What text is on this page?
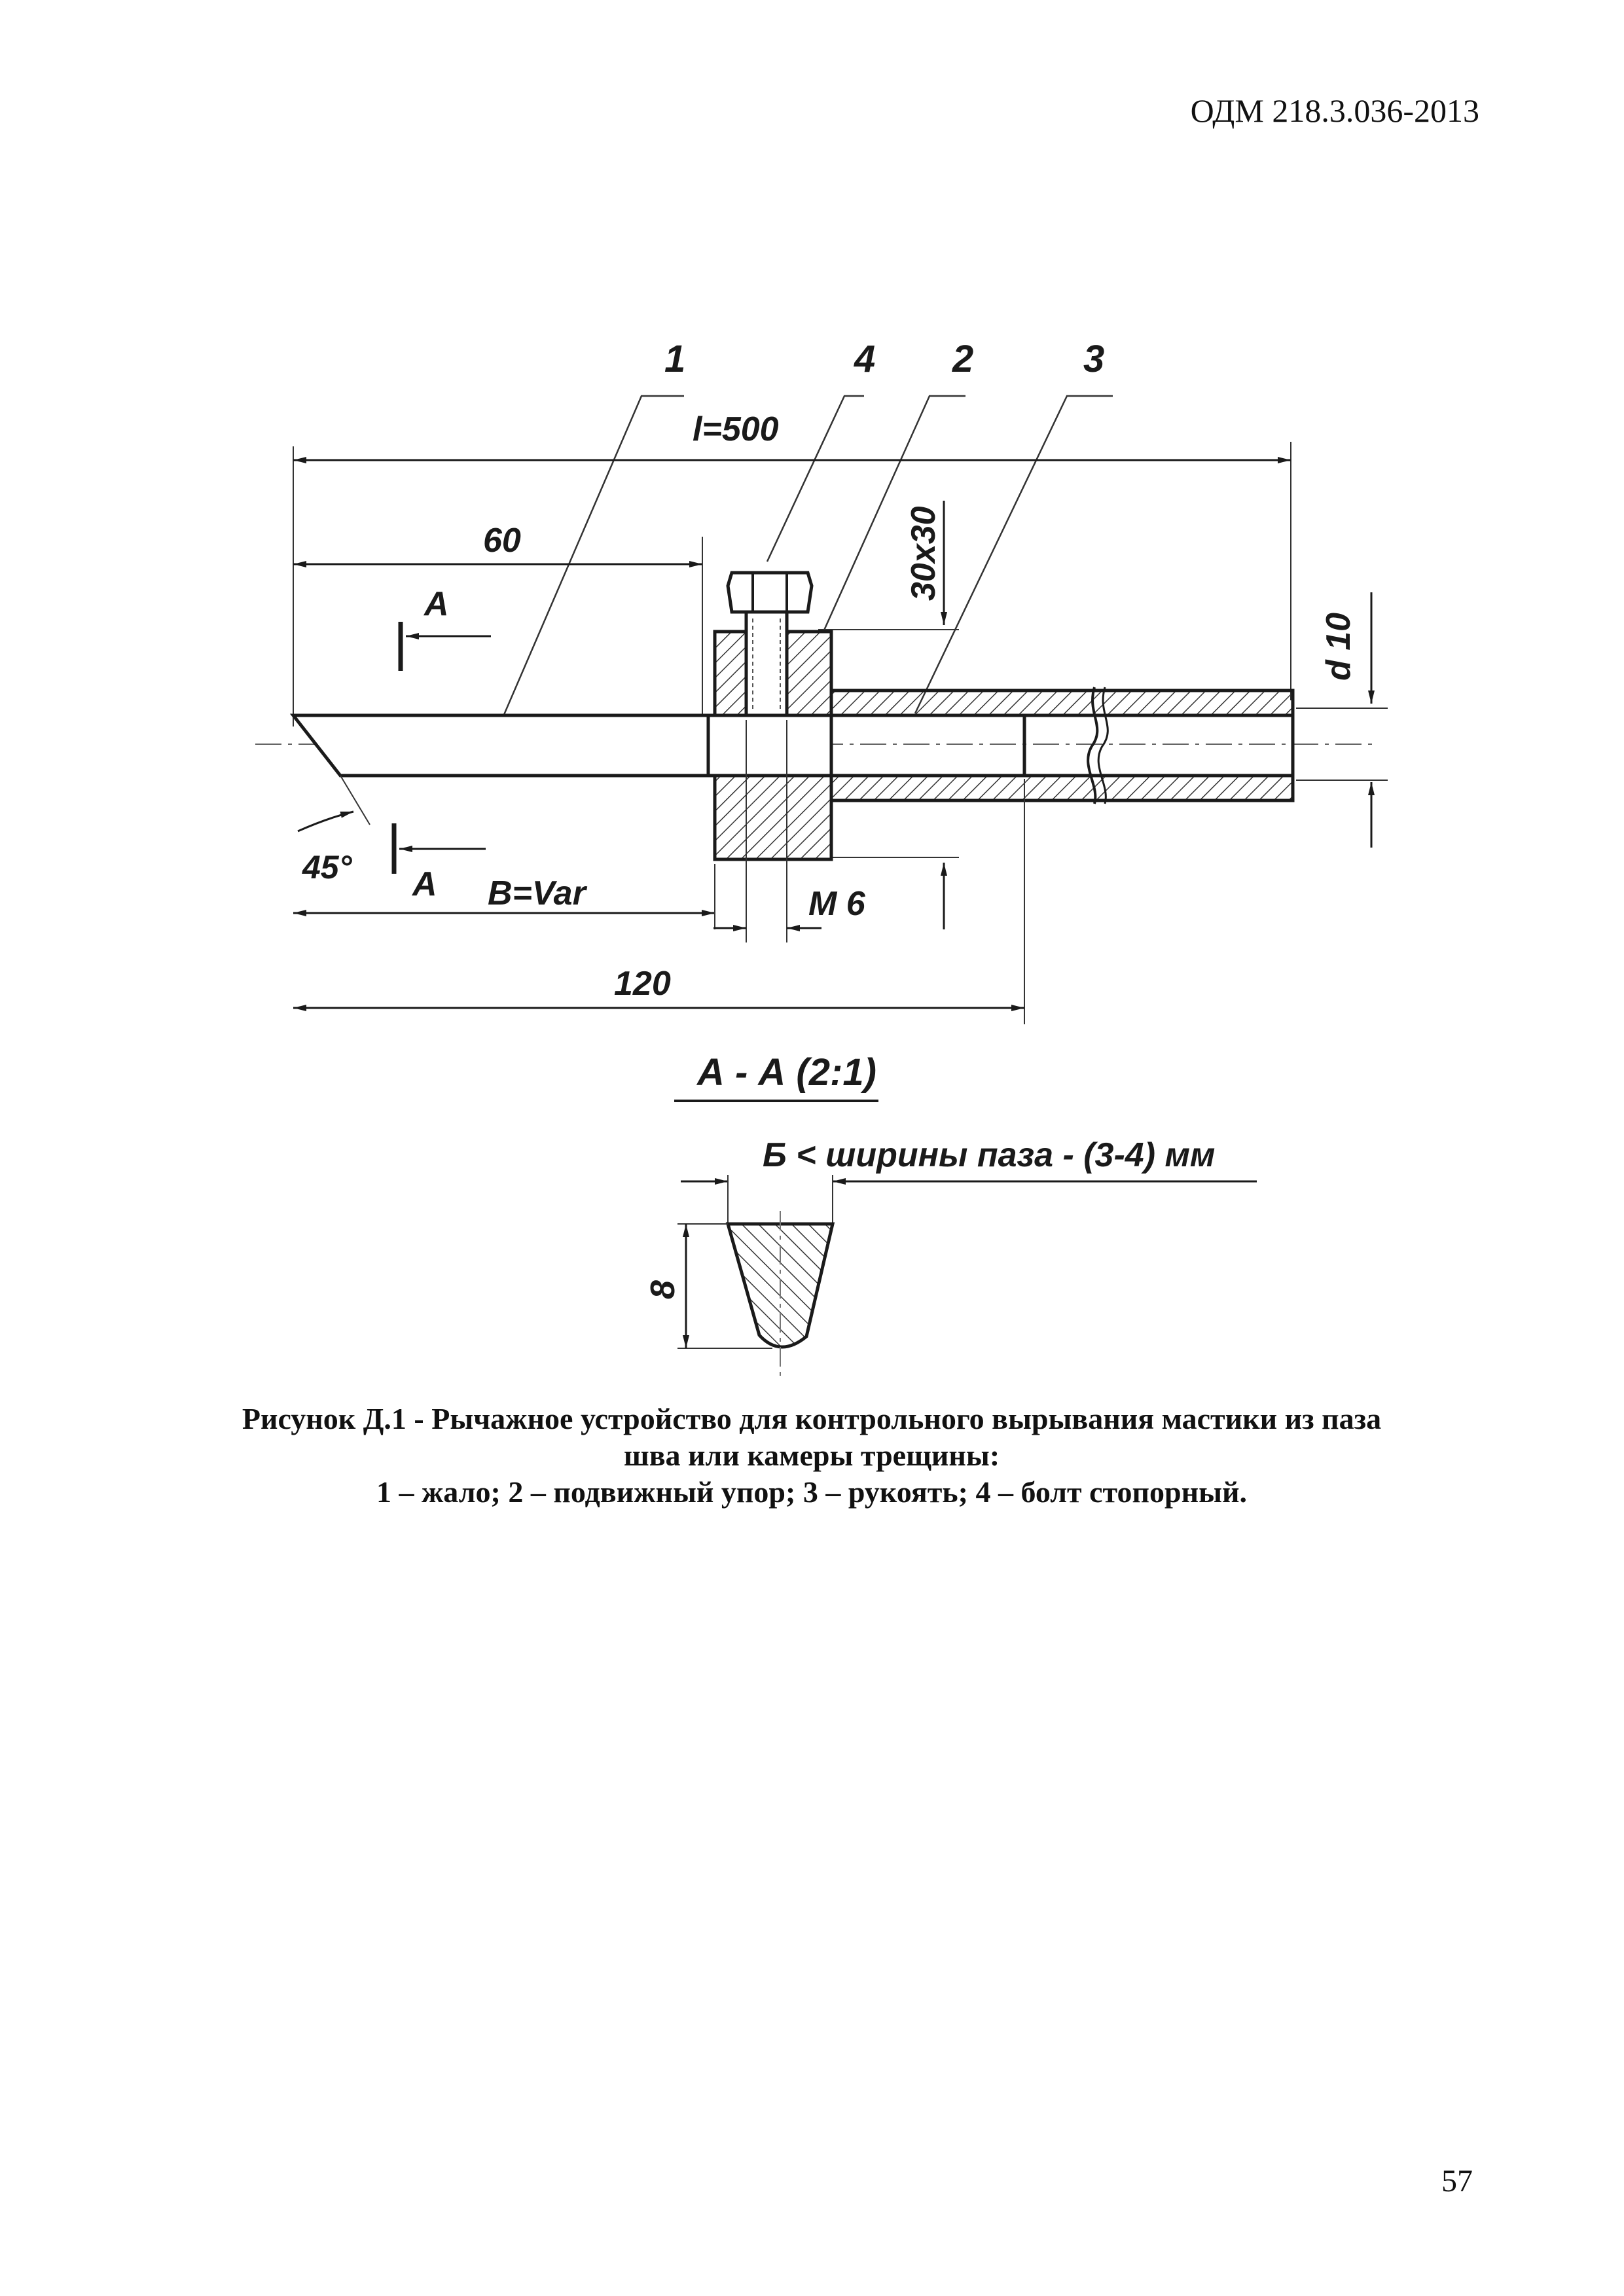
ОДМ 218.3.036-2013
1	4 2	3
l=500
60	30x30
d 10
A
A
45°
B=Var	M 6
120
А - А (2:1)
Б < ширины паза - (3-4) мм
8
Рисунок Д.1 - Рычажное устройство для контрольного вырывания мастики из паза
шва или камеры трещины:
1 – жало; 2 – подвижный упор; 3 – рукоять; 4 – болт стопорный.
57
